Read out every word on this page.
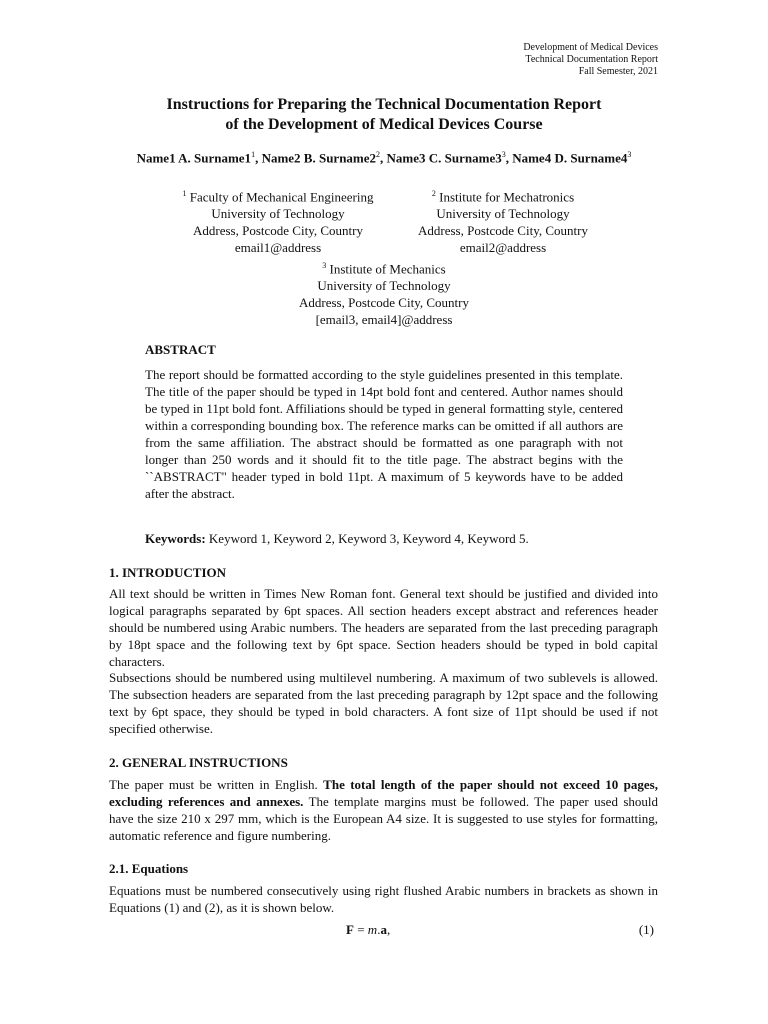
Development of Medical Devices
Technical Documentation Report
Fall Semester, 2021
Instructions for Preparing the Technical Documentation Report
of the Development of Medical Devices Course
Name1 A. $Surname1^1$, Name2 B. $Surname2^2$, Name3 C. $Surname3^3$, Name4 D. $Surname4^3$
$^1$ Faculty of Mechanical Engineering
University of Technology
Address, Postcode City, Country
email1@address
$^2$ Institute for Mechatronics
University of Technology
Address, Postcode City, Country
email2@address
$^3$ Institute of Mechanics
University of Technology
Address, Postcode City, Country
[email3, email4]@address
ABSTRACT
The report should be formatted according to the style guidelines presented in this template. The title of the paper should be typed in 14pt bold font and centered. Author names should be typed in 11pt bold font. Affiliations should be typed in general formatting style, centered within a corresponding bounding box. The reference marks can be omitted if all authors are from the same affiliation. The abstract should be formatted as one paragraph with not longer than 250 words and it should fit to the title page. The abstract begins with the ``ABSTRACT" header typed in bold 11pt. A maximum of 5 keywords have to be added after the abstract.
Keywords: Keyword 1, Keyword 2, Keyword 3, Keyword 4, Keyword 5.
1. INTRODUCTION
All text should be written in Times New Roman font. General text should be justified and divided into logical paragraphs separated by 6pt spaces. All section headers except abstract and references header should be numbered using Arabic numbers. The headers are separated from the last preceding paragraph by 18pt space and the following text by 6pt space. Section headers should be typed in bold capital characters.
Subsections should be numbered using multilevel numbering. A maximum of two sublevels is allowed. The subsection headers are separated from the last preceding paragraph by 12pt space and the following text by 6pt space, they should be typed in bold characters. A font size of 11pt should be used if not specified otherwise.
2. GENERAL INSTRUCTIONS
The paper must be written in English. The total length of the paper should not exceed 10 pages, excluding references and annexes. The template margins must be followed. The paper used should have the size 210 x 297 mm, which is the European A4 size. It is suggested to use styles for formatting, automatic reference and figure numbering.
2.1. Equations
Equations must be numbered consecutively using right flushed Arabic numbers in brackets as shown in Equations (1) and (2), as it is shown below.
F = m.a,	(1)
